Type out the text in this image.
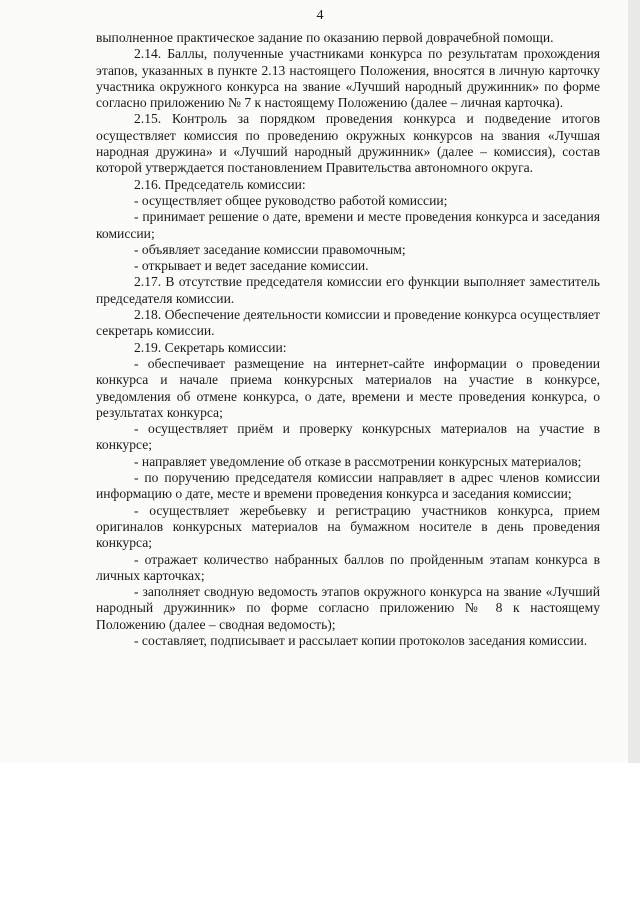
4

выполненное практическое задание по оказанию первой доврачебной помощи.

2.14. Баллы, полученные участниками конкурса по результатам прохождения этапов, указанных в пункте 2.13 настоящего Положения, вносятся в личную карточку участника окружного конкурса на звание «Лучший народный дружинник» по форме согласно приложению № 7 к настоящему Положению (далее – личная карточка).

2.15. Контроль за порядком проведения конкурса и подведение итогов осуществляет комиссия по проведению окружных конкурсов на звания «Лучшая народная дружина» и «Лучший народный дружинник» (далее – комиссия), состав которой утверждается постановлением Правительства автономного округа.

2.16. Председатель комиссии:

- осуществляет общее руководство работой комиссии;

- принимает решение о дате, времени и месте проведения конкурса и заседания комиссии;

- объявляет заседание комиссии правомочным;

- открывает и ведет заседание комиссии.

2.17. В отсутствие председателя комиссии его функции выполняет заместитель председателя комиссии.

2.18. Обеспечение деятельности комиссии и проведение конкурса осуществляет секретарь комиссии.

2.19. Секретарь комиссии:

- обеспечивает размещение на интернет-сайте информации о проведении конкурса и начале приема конкурсных материалов на участие в конкурсе, уведомления об отмене конкурса, о дате, времени и месте проведения конкурса, о результатах конкурса;

- осуществляет приём и проверку конкурсных материалов на участие в конкурсе;

- направляет уведомление об отказе в рассмотрении конкурсных материалов;

- по поручению председателя комиссии направляет в адрес членов комиссии информацию о дате, месте и времени проведения конкурса и заседания комиссии;

- осуществляет жеребьевку и регистрацию участников конкурса, прием оригиналов конкурсных материалов на бумажном носителе в день проведения конкурса;

- отражает количество набранных баллов по пройденным этапам конкурса в личных карточках;

- заполняет сводную ведомость этапов окружного конкурса на звание «Лучший народный дружинник» по форме согласно приложению № 8 к настоящему Положению (далее – сводная ведомость);

- составляет, подписывает и рассылает копии протоколов заседания комиссии.
